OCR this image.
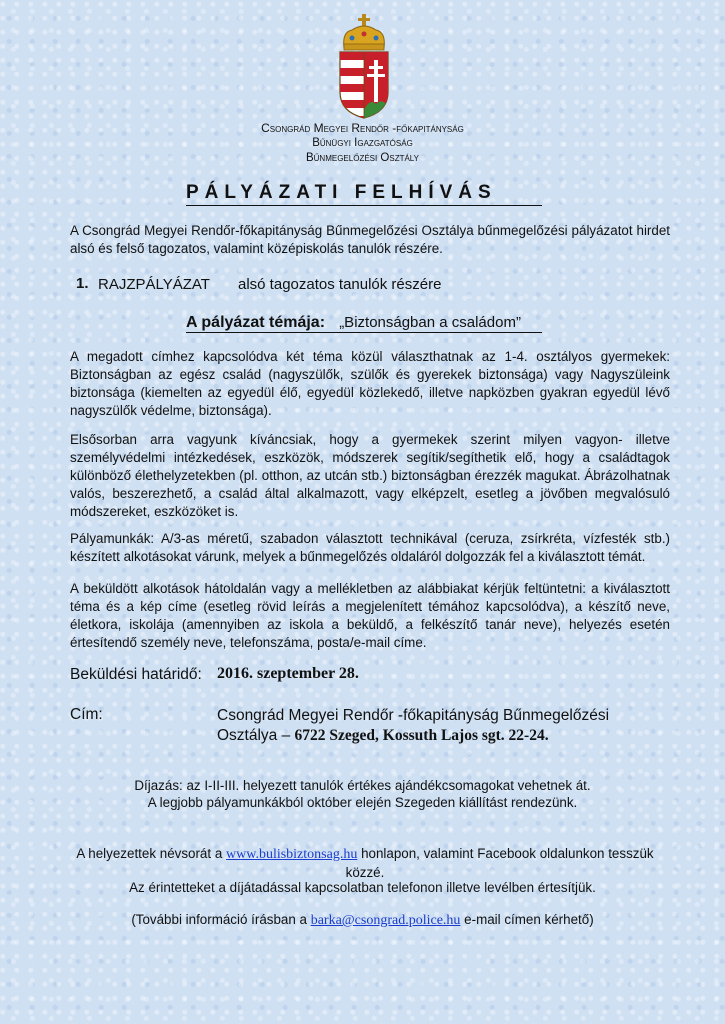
Csongrád Megyei Rendőr -főkapitányság
Bűnügyi Igazgatóság
Bűnmegelőzési Osztály
PÁLYÁZATI FELHÍVÁS

A Csongrád Megyei Rendőr-főkapitányság Bűnmegelőzési Osztálya bűnmegelőzési pályázatot hirdet alsó és felső tagozatos, valamint középiskolás tanulók részére.

1. RAJZPÁLYÁZAT alsó tagozatos tanulók részére
A pályázat témája: „Biztonságban a családom”

A megadott címhez kapcsolódva két téma közül választhatnak az 1-4. osztályos gyermekek: Biztonságban az egész család (nagyszülők, szülők és gyerekek biztonsága) vagy Nagyszüleink biztonsága (kiemelten az egyedül élő, egyedül közlekedő, illetve napközben gyakran egyedül lévő nagyszülők védelme, biztonsága).

Elsősorban arra vagyunk kíváncsiak, hogy a gyermekek szerint milyen vagyon- illetve személyvédelmi intézkedések, eszközök, módszerek segítik/segíthetik elő, hogy a családtagok különböző élethelyzetekben (pl. otthon, az utcán stb.) biztonságban érezzék magukat. Ábrázolhatnak valós, beszerezhető, a család által alkalmazott, vagy elképzelt, esetleg a jövőben megvalósuló módszereket, eszközöket is.

Pályamunkák: A/3-as méretű, szabadon választott technikával (ceruza, zsírkréta, vízfesték stb.) készített alkotásokat várunk, melyek a bűnmegelőzés oldaláról dolgozzák fel a kiválasztott témát.

A beküldött alkotások hátoldalán vagy a mellékletben az alábbiakat kérjük feltüntetni: a kiválasztott téma és a kép címe (esetleg rövid leírás a megjelenített témához kapcsolódva), a készítő neve, életkora, iskolája (amennyiben az iskola a beküldő, a felkészítő tanár neve), helyezés esetén értesítendő személy neve, telefonszáma, posta/e-mail címe.

Beküldési határidő: 2016. szeptember 28.
Cím:	Csongrád Megyei Rendőr -főkapitányság Bűnmegelőzési
Osztálya – 6722 Szeged, Kossuth Lajos sgt. 22-24.
Díjazás: az I-II-III. helyezett tanulók értékes ajándékcsomagokat vehetnek át.
A legjobb pályamunkákból október elején Szegeden kiállítást rendezünk.
A helyezettek névsorát a www.bulisbiztonsag.hu honlapon, valamint Facebook oldalunkon tesszük közzé.
Az érintetteket a díjátadással kapcsolatban telefonon illetve levélben értesítjük.
(További információ írásban a barka@csongrad.police.hu e-mail címen kérhető)
